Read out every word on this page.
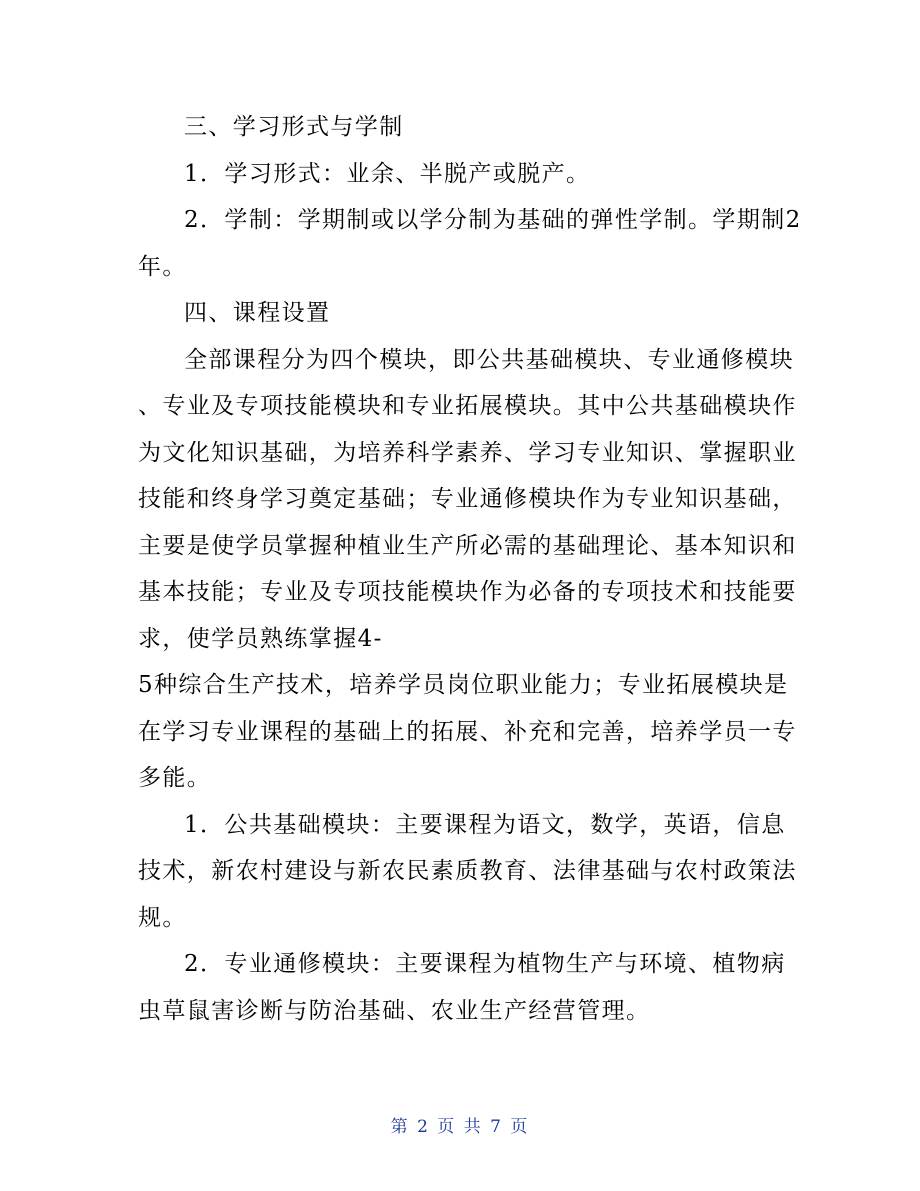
三、学习形式与学制
1．学习形式：业余、半脱产或脱产。
2．学制：学期制或以学分制为基础的弹性学制。学期制2
年。
四、课程设置
全部课程分为四个模块，即公共基础模块、专业通修模块
、专业及专项技能模块和专业拓展模块。其中公共基础模块作
为文化知识基础，为培养科学素养、学习专业知识、掌握职业
技能和终身学习奠定基础；专业通修模块作为专业知识基础，
主要是使学员掌握种植业生产所必需的基础理论、基本知识和
基本技能；专业及专项技能模块作为必备的专项技术和技能要
求，使学员熟练掌握4-
5种综合生产技术，培养学员岗位职业能力；专业拓展模块是
在学习专业课程的基础上的拓展、补充和完善，培养学员一专
多能。
1．公共基础模块：主要课程为语文，数学，英语，信息
技术，新农村建设与新农民素质教育、法律基础与农村政策法
规。
2．专业通修模块：主要课程为植物生产与环境、植物病
虫草鼠害诊断与防治基础、农业生产经营管理。
第 2 页 共 7 页
